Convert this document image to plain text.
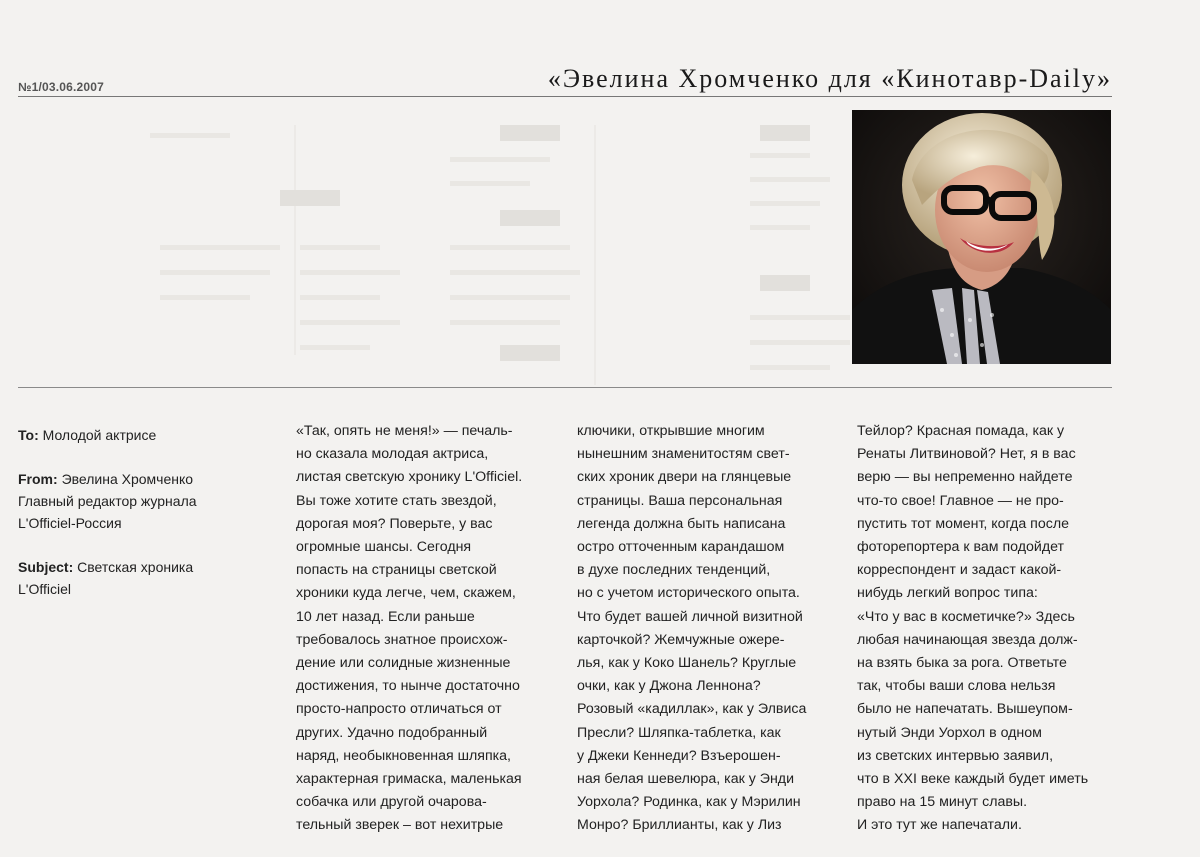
№1/03.06.2007	«Эвелина Хромченко для «Кинотавр-Daily»
To: Молодой актрисе
From: Эвелина Хромченко
Главный редактор журнала
L'Officiel-Россия
Subject: Светская хроника
L'Officiel
«Так, опять не меня!» — печаль-
но сказала молодая актриса,
листая светскую хронику L'Officiel.
Вы тоже хотите стать звездой,
дорогая моя? Поверьте, у вас
огромные шансы. Сегодня
попасть на страницы светской
хроники куда легче, чем, скажем,
10 лет назад. Если раньше
требовалось знатное происхож-
дение или солидные жизненные
достижения, то нынче достаточно
просто-напросто отличаться от
других. Удачно подобранный
наряд, необыкновенная шляпка,
характерная гримаска, маленькая
собачка или другой очарова-
тельный зверек – вот нехитрые
ключики, открывшие многим
нынешним знаменитостям свет-
ских хроник двери на глянцевые
страницы. Ваша персональная
легенда должна быть написана
остро отточенным карандашом
в духе последних тенденций,
но с учетом исторического опыта.
Что будет вашей личной визитной
карточкой? Жемчужные ожере-
лья, как у Коко Шанель? Круглые
очки, как у Джона Леннона?
Розовый «кадиллак», как у Элвиса
Пресли? Шляпка-таблетка, как
у Джеки Кеннеди? Взъерошен-
ная белая шевелюра, как у Энди
Уорхола? Родинка, как у Мэрилин
Монро? Бриллианты, как у Лиз
Тейлор? Красная помада, как у
Ренаты Литвиновой? Нет, я в вас
верю — вы непременно найдете
что-то свое! Главное — не про-
пустить тот момент, когда после
фоторепортера к вам подойдет
корреспондент и задаст какой-
нибудь легкий вопрос типа:
«Что у вас в косметичке?» Здесь
любая начинающая звезда долж-
на взять быка за рога. Ответьте
так, чтобы ваши слова нельзя
было не напечатать. Вышеупом-
нутый Энди Уорхол в одном
из светских интервью заявил,
что в XXI веке каждый будет иметь
право на 15 минут славы.
И это тут же напечатали.
